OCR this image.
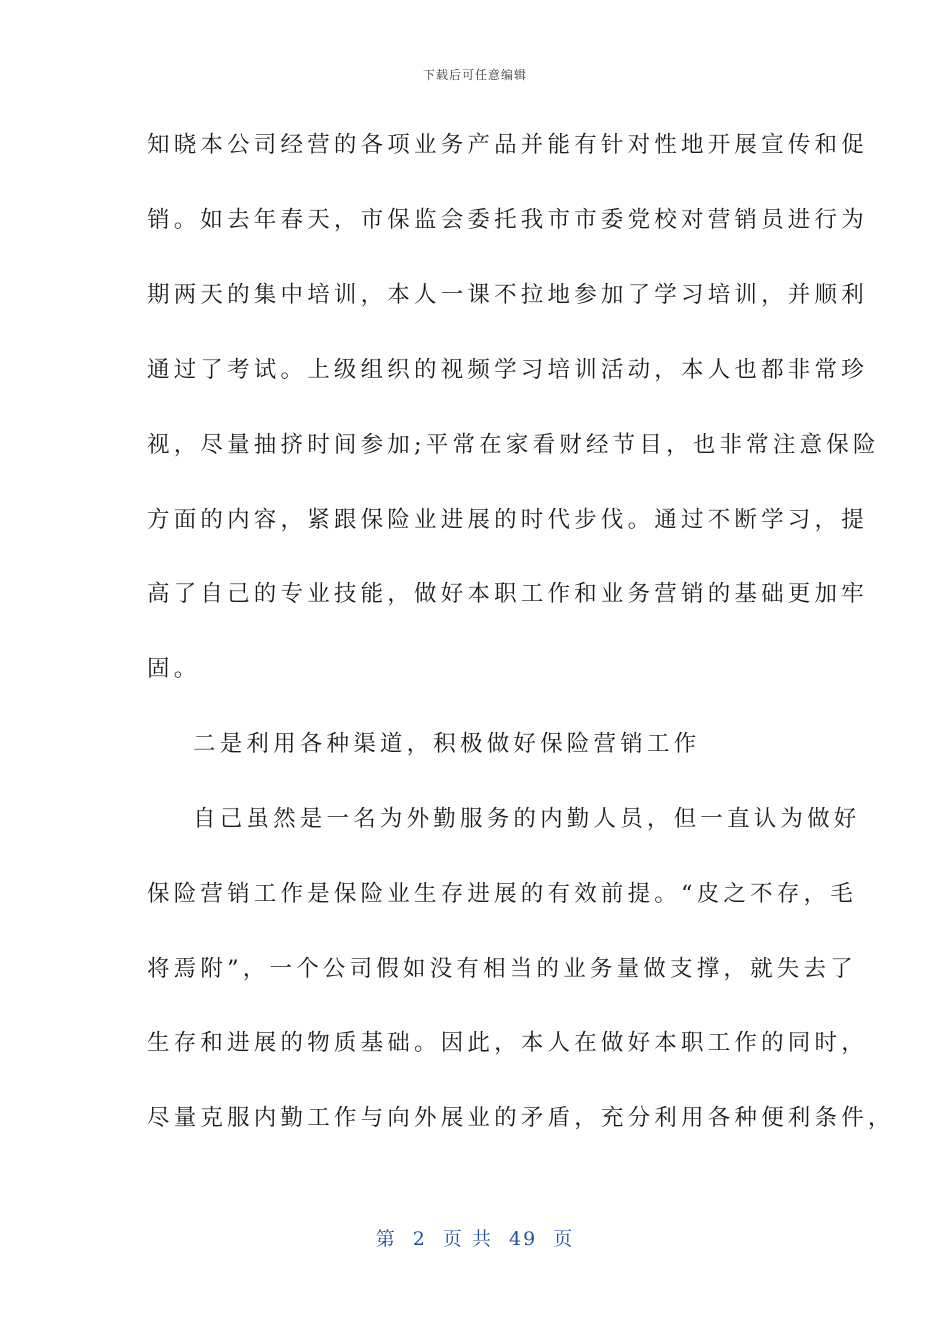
下载后可任意编辑
知晓本公司经营的各项业务产品并能有针对性地开展宣传和促
销。如去年春天，市保监会委托我市市委党校对营销员进行为
期两天的集中培训，本人一课不拉地参加了学习培训，并顺利
通过了考试。上级组织的视频学习培训活动，本人也都非常珍
视，尽量抽挤时间参加;平常在家看财经节目，也非常注意保险
方面的内容，紧跟保险业进展的时代步伐。通过不断学习，提
高了自己的专业技能，做好本职工作和业务营销的基础更加牢
固。
二是利用各种渠道，积极做好保险营销工作
自己虽然是一名为外勤服务的内勤人员，但一直认为做好
保险营销工作是保险业生存进展的有效前提。“皮之不存，毛
将焉附”，一个公司假如没有相当的业务量做支撑，就失去了
生存和进展的物质基础。因此，本人在做好本职工作的同时，
尽量克服内勤工作与向外展业的矛盾，充分利用各种便利条件，
第 2 页 共 49 页
